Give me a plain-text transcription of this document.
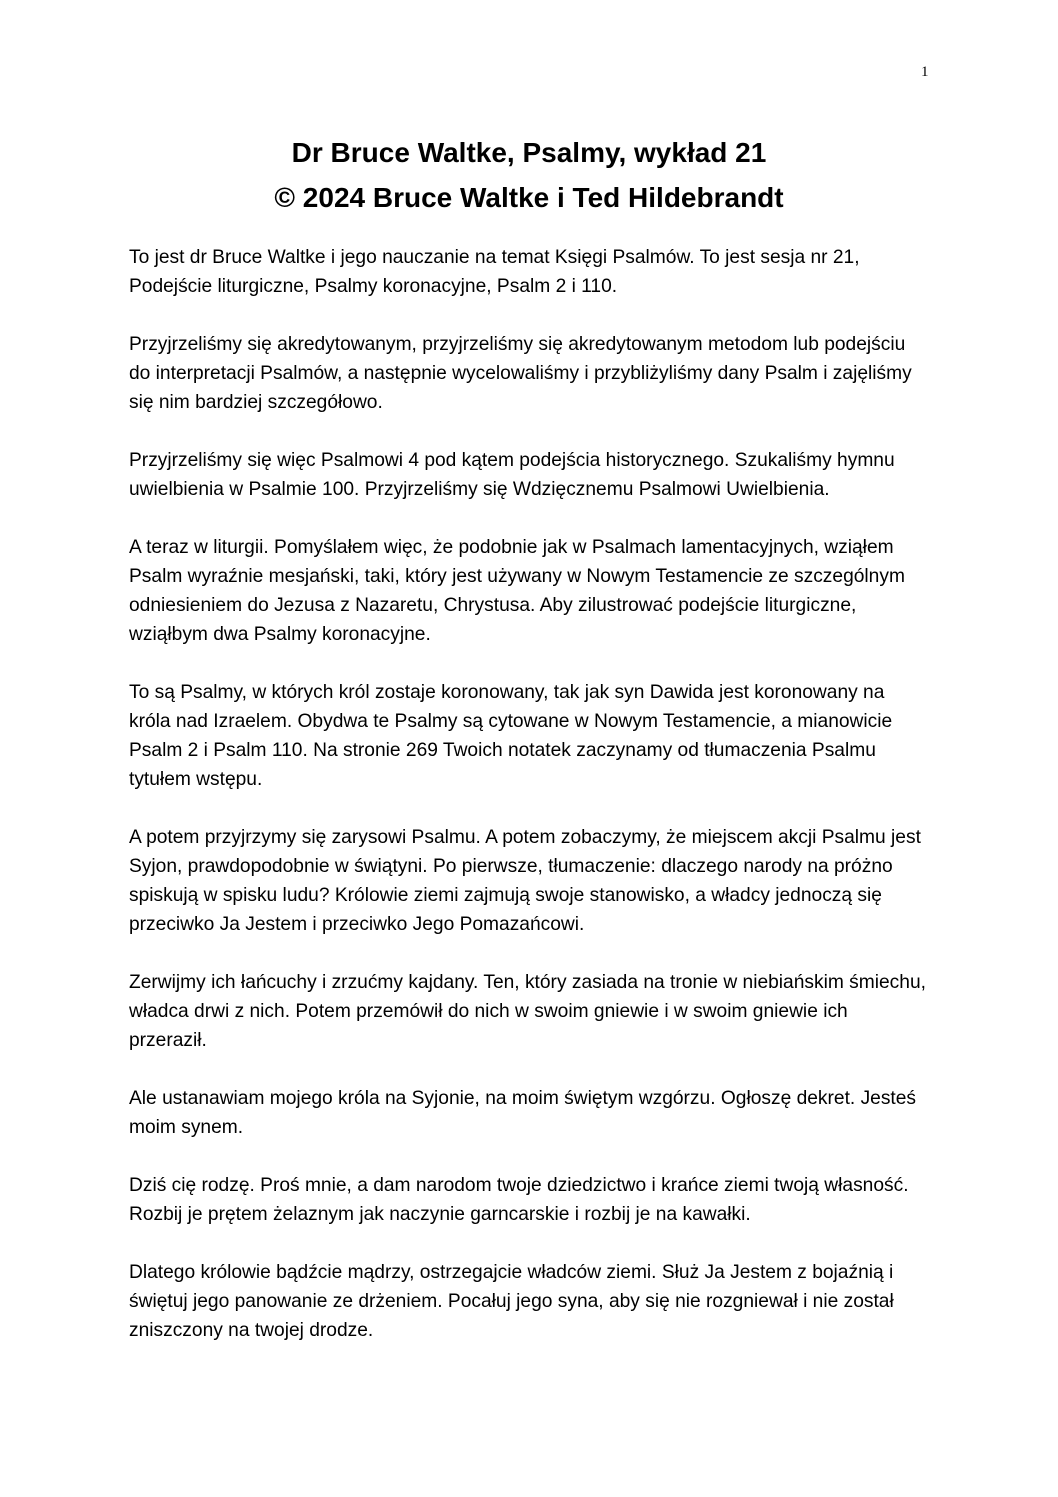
1
Dr Bruce Waltke, Psalmy, wykład 21
© 2024 Bruce Waltke i Ted Hildebrandt

To jest dr Bruce Waltke i jego nauczanie na temat Księgi Psalmów. To jest sesja nr 21, Podejście liturgiczne, Psalmy koronacyjne, Psalm 2 i 110.

Przyjrzeliśmy się akredytowanym, przyjrzeliśmy się akredytowanym metodom lub podejściu do interpretacji Psalmów, a następnie wycelowaliśmy i przybliżyliśmy dany Psalm i zajęliśmy się nim bardziej szczegółowo.

Przyjrzeliśmy się więc Psalmowi 4 pod kątem podejścia historycznego. Szukaliśmy hymnu uwielbienia w Psalmie 100. Przyjrzeliśmy się Wdzięcznemu Psalmowi Uwielbienia.

A teraz w liturgii. Pomyślałem więc, że podobnie jak w Psalmach lamentacyjnych, wziąłem Psalm wyraźnie mesjański, taki, który jest używany w Nowym Testamencie ze szczególnym odniesieniem do Jezusa z Nazaretu, Chrystusa. Aby zilustrować podejście liturgiczne, wziąłbym dwa Psalmy koronacyjne.

To są Psalmy, w których król zostaje koronowany, tak jak syn Dawida jest koronowany na króla nad Izraelem. Obydwa te Psalmy są cytowane w Nowym Testamencie, a mianowicie Psalm 2 i Psalm 110. Na stronie 269 Twoich notatek zaczynamy od tłumaczenia Psalmu tytułem wstępu.

A potem przyjrzymy się zarysowi Psalmu. A potem zobaczymy, że miejscem akcji Psalmu jest Syjon, prawdopodobnie w świątyni. Po pierwsze, tłumaczenie: dlaczego narody na próżno spiskują w spisku ludu? Królowie ziemi zajmują swoje stanowisko, a władcy jednoczą się przeciwko Ja Jestem i przeciwko Jego Pomazańcowi.

Zerwijmy ich łańcuchy i zrzućmy kajdany. Ten, który zasiada na tronie w niebiańskim śmiechu, władca drwi z nich. Potem przemówił do nich w swoim gniewie i w swoim gniewie ich przeraził.

Ale ustanawiam mojego króla na Syjonie, na moim świętym wzgórzu. Ogłoszę dekret. Jesteś moim synem.

Dziś cię rodzę. Proś mnie, a dam narodom twoje dziedzictwo i krańce ziemi twoją własność. Rozbij je prętem żelaznym jak naczynie garncarskie i rozbij je na kawałki.

Dlatego królowie bądźcie mądrzy, ostrzegajcie władców ziemi. Służ Ja Jestem z bojaźnią i świętuj jego panowanie ze drżeniem. Pocałuj jego syna, aby się nie rozgniewał i nie został zniszczony na twojej drodze.
